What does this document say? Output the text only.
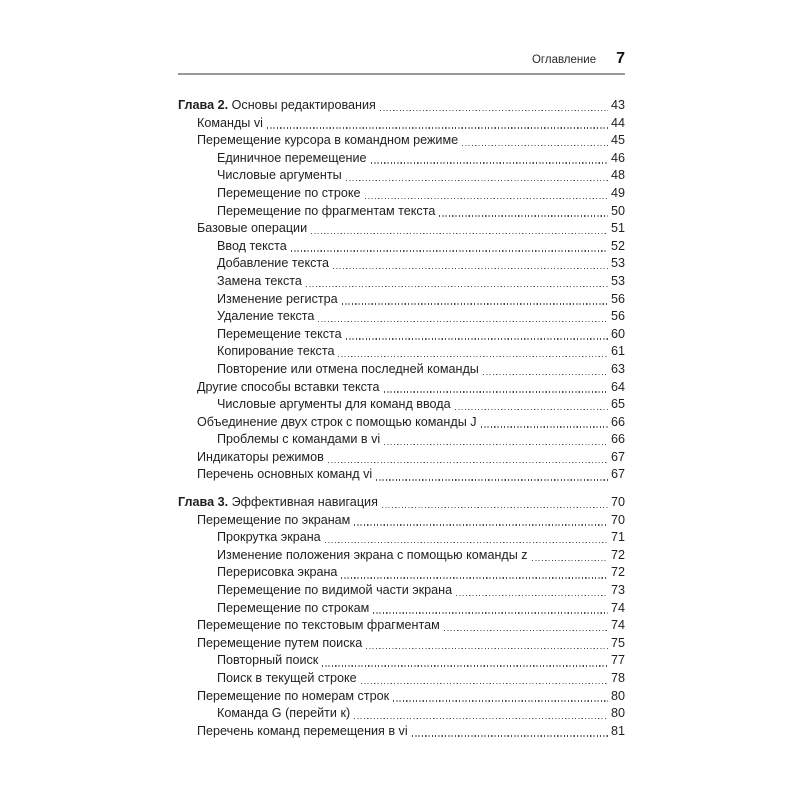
Оглавление 7
Глава 2. Основы редактирования	43
Команды vi	44
Перемещение курсора в командном режиме	45
Единичное перемещение	46
Числовые аргументы	48
Перемещение по строке	49
Перемещение по фрагментам текста	50
Базовые операции	51
Ввод текста	52
Добавление текста	53
Замена текста	53
Изменение регистра	56
Удаление текста	56
Перемещение текста	60
Копирование текста	61
Повторение или отмена последней команды	63
Другие способы вставки текста	64
Числовые аргументы для команд ввода	65
Объединение двух строк с помощью команды J	66
Проблемы с командами в vi	66
Индикаторы режимов	67
Перечень основных команд vi	67
Глава 3. Эффективная навигация	70
Перемещение по экранам	70
Прокрутка экрана	71
Изменение положения экрана с помощью команды z	72
Перерисовка экрана	72
Перемещение по видимой части экрана	73
Перемещение по строкам	74
Перемещение по текстовым фрагментам	74
Перемещение путем поиска	75
Повторный поиск	77
Поиск в текущей строке	78
Перемещение по номерам строк	80
Команда G (перейти к)	80
Перечень команд перемещения в vi	81
